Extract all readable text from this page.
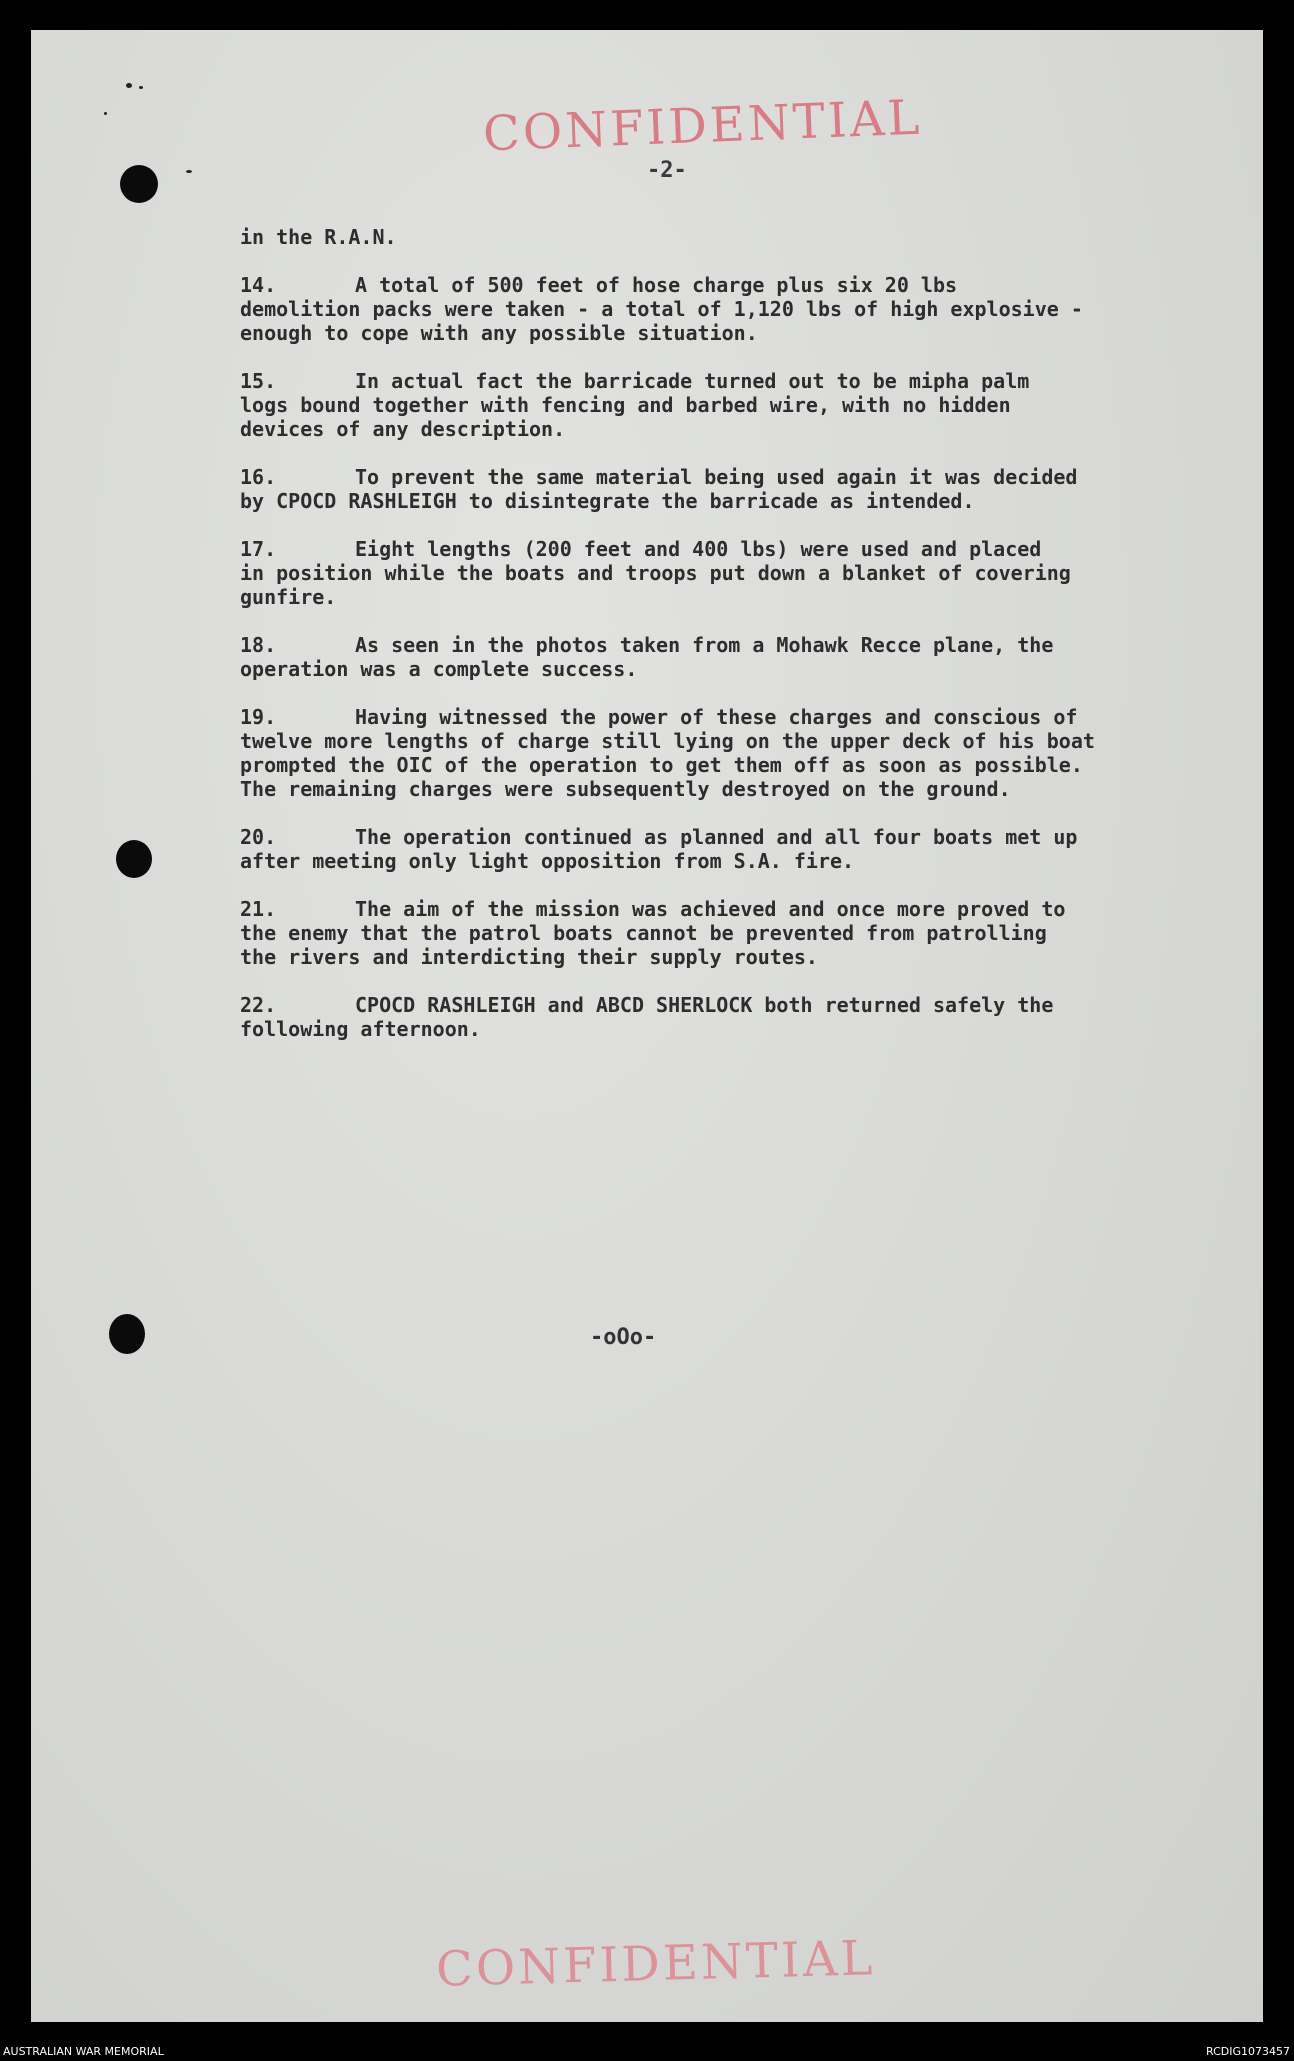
CONFIDENTIAL
-2-
CONFIDENTIAL
in the R.A.N.
14.	A total of 500 feet of hose charge plus six 20 lbs
demolition packs were taken - a total of 1,120 lbs of high explosive -
enough to cope with any possible situation.
15.	In actual fact the barricade turned out to be mipha palm
logs bound together with fencing and barbed wire, with no hidden
devices of any description.
16.	To prevent the same material being used again it was decided
by CPOCD RASHLEIGH to disintegrate the barricade as intended.
17.	Eight lengths (200 feet and 400 lbs) were used and placed
in position while the boats and troops put down a blanket of covering
gunfire.
18.	As seen in the photos taken from a Mohawk Recce plane, the
operation was a complete success.
19.	Having witnessed the power of these charges and conscious of
twelve more lengths of charge still lying on the upper deck of his boat
prompted the OIC of the operation to get them off as soon as possible.
The remaining charges were subsequently destroyed on the ground.
20.	The operation continued as planned and all four boats met up
after meeting only light opposition from S.A. fire.
21.	The aim of the mission was achieved and once more proved to
the enemy that the patrol boats cannot be prevented from patrolling
the rivers and interdicting their supply routes.
22.	CPOCD RASHLEIGH and ABCD SHERLOCK both returned safely the
following afternoon.
-oOo-
AUSTRALIAN WAR MEMORIAL	RCDIG1073457
